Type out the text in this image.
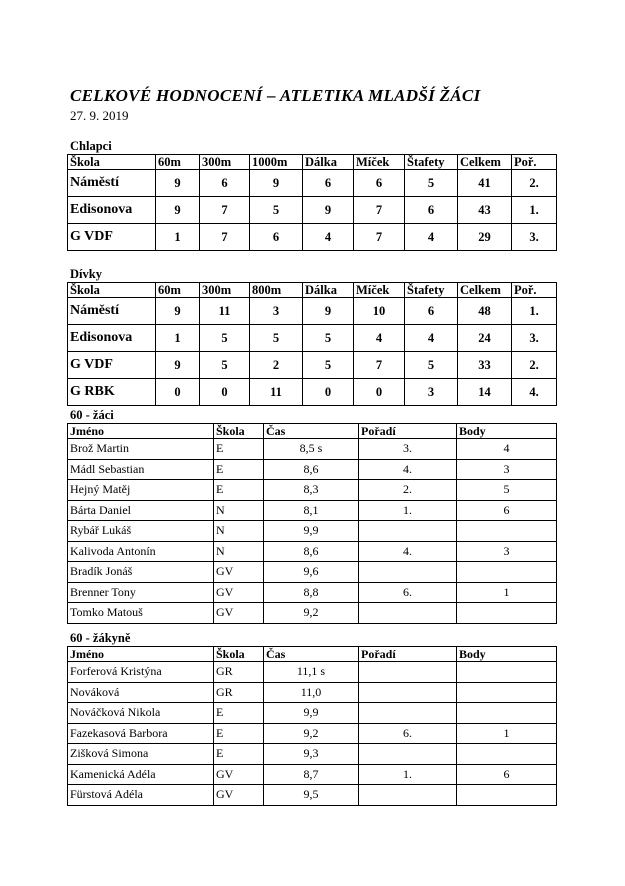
CELKOVÉ HODNOCENÍ – ATLETIKA MLADŠÍ ŽÁCI
27. 9. 2019
Chlapci
Škola	60m	300m	1000m	Dálka	Míček	Štafety	Celkem	Poř.
Náměstí	9	6	9	6	6	5	41	2.
Edisonova	9	7	5	9	7	6	43	1.
G VDF	1	7	6	4	7	4	29	3.
Dívky
Škola	60m	300m	800m	Dálka	Míček	Štafety	Celkem	Poř.
Náměstí	9	11	3	9	10	6	48	1.
Edisonova	1	5	5	5	4	4	24	3.
G VDF	9	5	2	5	7	5	33	2.
G RBK	0	0	11	0	0	3	14	4.
60 - žáci
Jméno	Škola	Čas	Pořadí	Body
Brož Martin	E	8,5 s	3.	4
Mádl Sebastian	E	8,6	4.	3
Hejný Matěj	E	8,3	2.	5
Bárta Daniel	N	8,1	1.	6
Rybář Lukáš	N	9,9		
Kalivoda Antonín	N	8,6	4.	3
Bradík Jonáš	GV	9,6		
Brenner Tony	GV	8,8	6.	1
Tomko Matouš	GV	9,2		
60 - žákyně
Jméno	Škola	Čas	Pořadí	Body
Forferová Kristýna	GR	11,1 s		
Nováková	GR	11,0		
Nováčková Nikola	E	9,9		
Fazekasová Barbora	E	9,2	6.	1
Zišková Simona	E	9,3		
Kamenická Adéla	GV	8,7	1.	6
Fürstová Adéla	GV	9,5		
